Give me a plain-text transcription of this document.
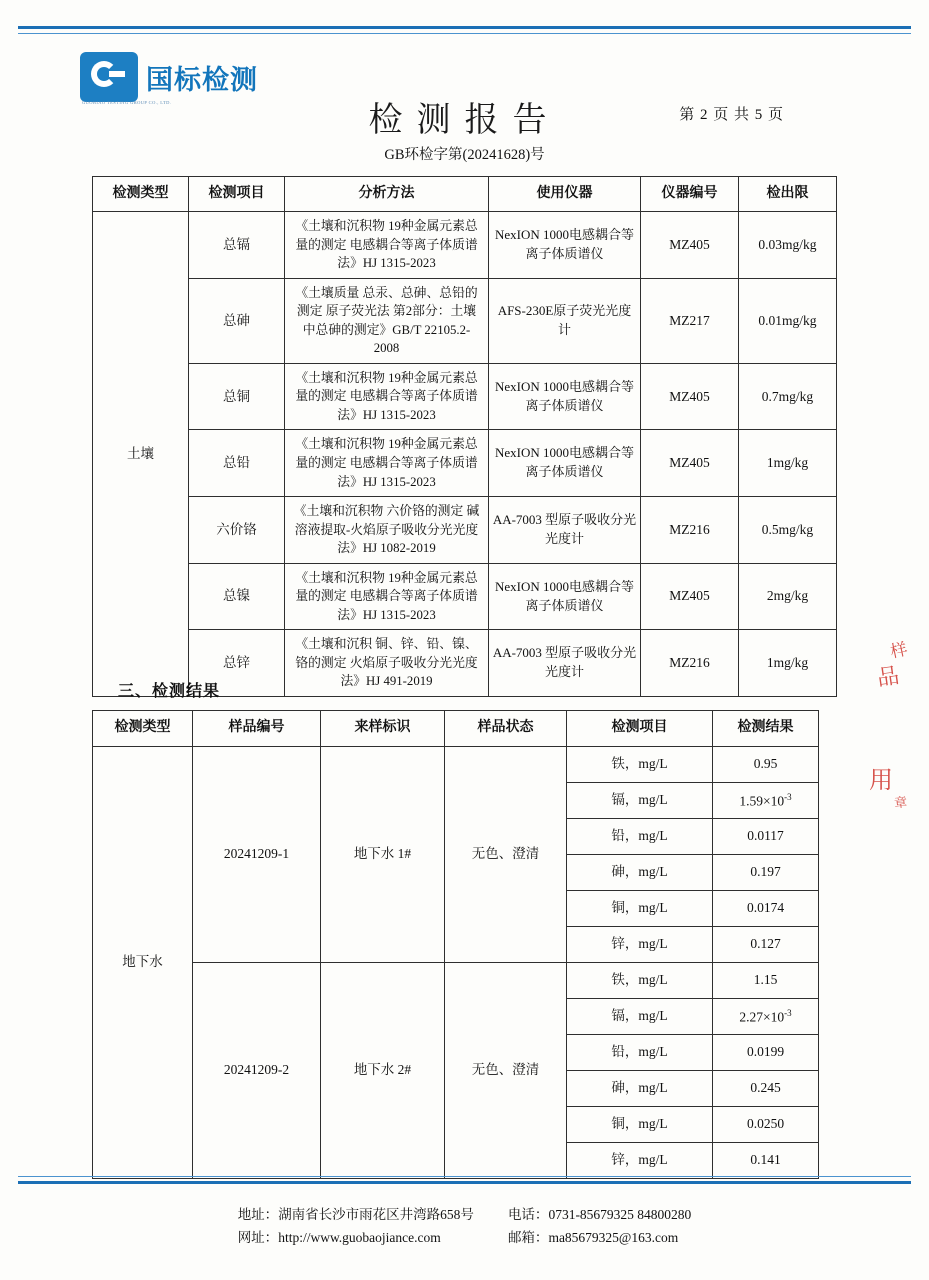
国标检测
GUOBIAO TESTING GROUP CO., LTD.	检测报告
GB环检字第(20241628)号
第 2 页 共 5 页
检测类型	检测项目	分析方法	使用仪器	仪器编号	检出限
土壤	总镉	《土壤和沉积物 19种金属元素总量的测定 电感耦合等离子体质谱法》HJ 1315-2023	NexION 1000电感耦合等离子体质谱仪	MZ405	0.03mg/kg
	总砷	《土壤质量 总汞、总砷、总铅的测定 原子荧光法 第2部分：土壤中总砷的测定》GB/T 22105.2-2008	AFS-230E原子荧光光度计	MZ217	0.01mg/kg
	总铜	《土壤和沉积物 19种金属元素总量的测定 电感耦合等离子体质谱法》HJ 1315-2023	NexION 1000电感耦合等离子体质谱仪	MZ405	0.7mg/kg
	总铅	《土壤和沉积物 19种金属元素总量的测定 电感耦合等离子体质谱法》HJ 1315-2023	NexION 1000电感耦合等离子体质谱仪	MZ405	1mg/kg
	六价铬	《土壤和沉积物 六价铬的测定 碱溶液提取-火焰原子吸收分光光度法》HJ 1082-2019	AA-7003 型原子吸收分光光度计	MZ216	0.5mg/kg
	总镍	《土壤和沉积物 19种金属元素总量的测定 电感耦合等离子体质谱法》HJ 1315-2023	NexION 1000电感耦合等离子体质谱仪	MZ405	2mg/kg
	总锌	《土壤和沉积 铜、锌、铅、镍、铬的测定 火焰原子吸收分光光度法》HJ 491-2019	AA-7003 型原子吸收分光光度计	MZ216	1mg/kg
三、检测结果
检测类型	样品编号	来样标识	样品状态	检测项目	检测结果
地下水	20241209-1	地下水 1#	无色、澄清	铁，mg/L	0.95
				镉，mg/L	$1.59\times 10^{-3}$
				铅，mg/L	0.0117
				砷，mg/L	0.197
				铜，mg/L	0.0174
				锌，mg/L	0.127
	20241209-2	地下水 2#	无色、澄清	铁，mg/L	1.15
				镉，mg/L	$2.27\times 10^{-3}$
				铅，mg/L	0.0199
				砷，mg/L	0.245
				铜，mg/L	0.0250
				锌，mg/L	0.141
样
品
用
章
地址：湖南省长沙市雨花区井湾路658号
网址：http://www.guobaojiance.com
电话：0731-85679325 84800280
邮箱：ma85679325@163.com
